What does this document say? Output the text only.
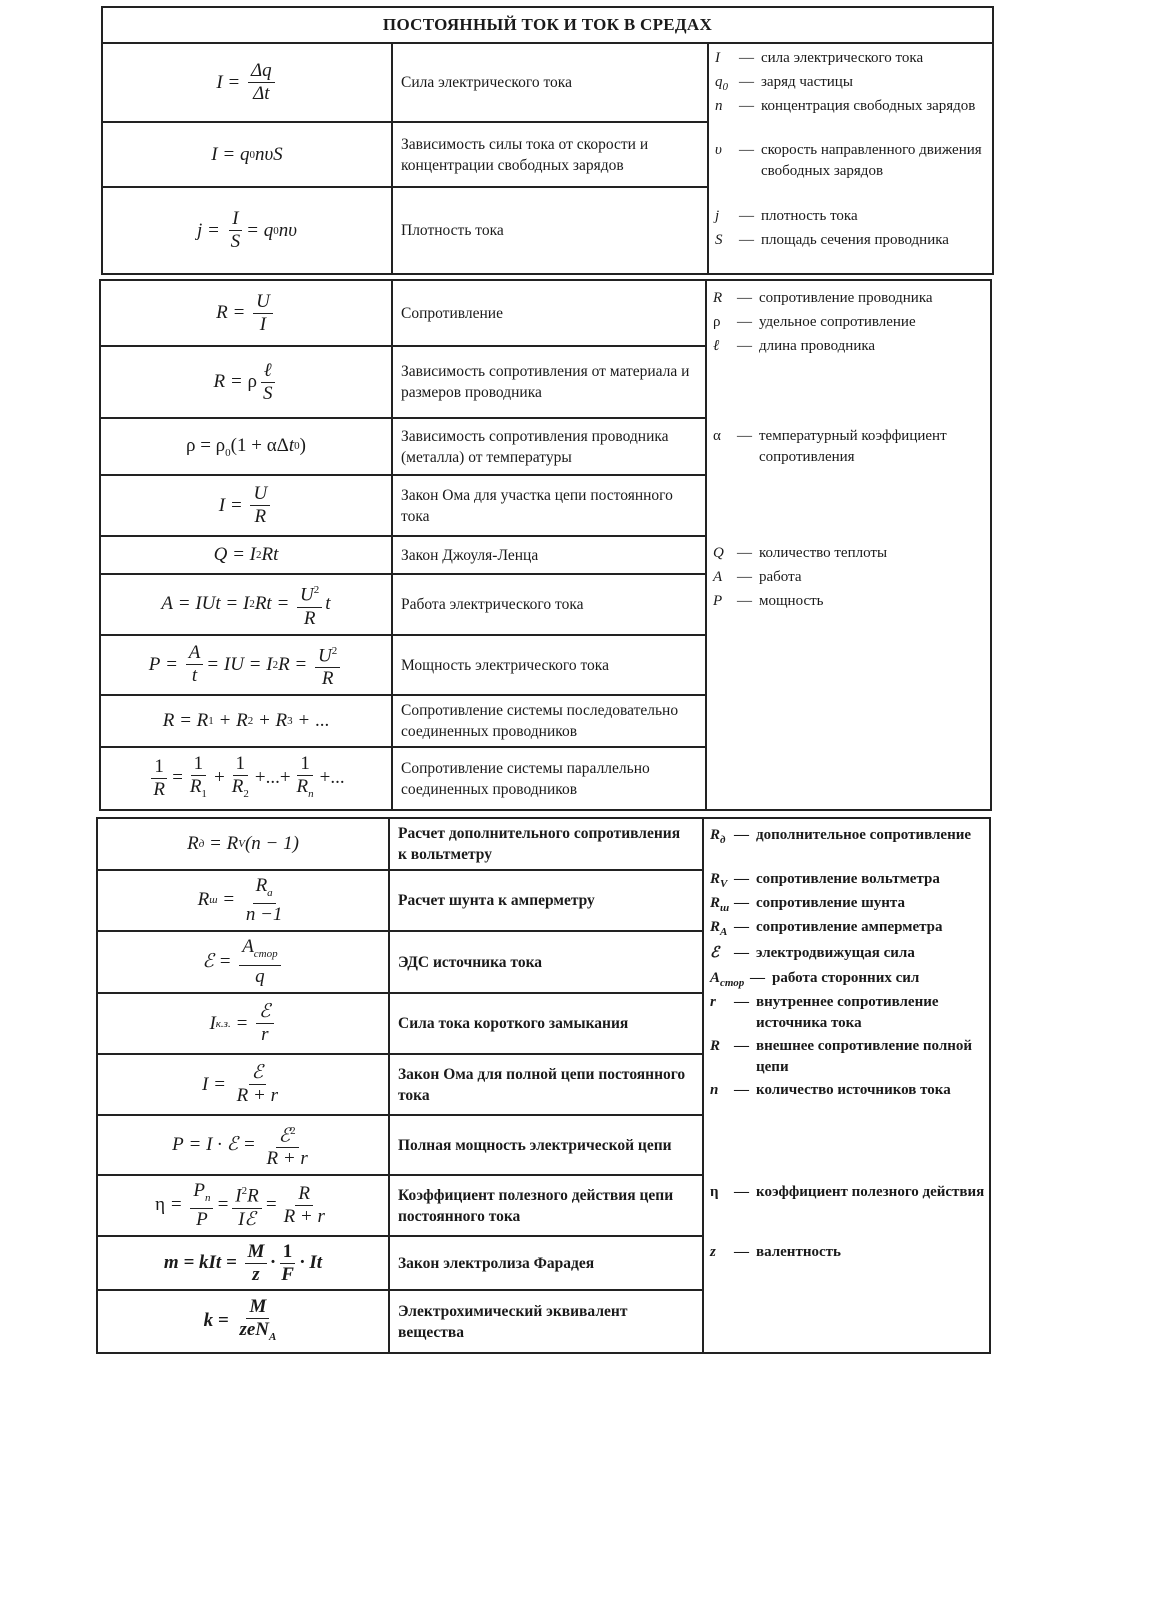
ПОСТОЯННЫЙ ТОК И ТОК В СРЕДАХ
$I = \frac{\Delta q}{\Delta t}$	Сила электрического тока
I = q 0 nυS	Зависимость силы тока от скорости и концентрации свободных зарядов
$j = \frac{I}{S} = q$ 0 nυ	Плотность тока
I	— сила электрического тока
$q_0$ — заряд частицы
n	— концентрация свободных зарядов
υ	— скорость направленного движения свободных зарядов
j	— плотность тока
S	— площадь сечения проводника
$R = \frac{U}{I}$	Сопротивление
R = ρ $\frac{\text{ℓ}}{S}$	Зависимость сопротивления от материала и размеров проводника
$\rho = \rho_0(1 + \alpha\Delta$ t 0 )	Зависимость сопротивления проводника (металла) от температуры
$I = \frac{U}{R}$	Закон Ома для участка цепи постоянного тока
Q = I 2 Rt	Закон Джоуля-Ленца
A = IUt = I 2 $Rt = \frac{U^2}{R}$ t	Работа электрического тока
$P = \frac{A}{t}$ = IU = I 2 $R = \frac{U^2}{R}$	Мощность электрического тока
R = R 1 + R 2 + R 3 + ...	Сопротивление системы последовательно соединенных проводников
$\frac{1}{R} = \frac{1}{R_1} + \frac{1}{R_2}$ +...+ $\frac{1}{R_n}$ +...	Сопротивление системы параллельно соединенных проводников
R — сопротивление проводника
ρ	— удельное сопротивление
ℓ	— длина проводника
α	— температурный коэффициент сопротивления
Q — количество теплоты
A — работа
P — мощность
R д = R V (n − 1)	Расчет дополнительного сопротивления к вольтметру
R $ш = \frac{R_a}{n -1}$	Расчет шунта к амперметру
ℰ = $\frac{A_{стор}}{q}$	ЭДС источника тока
I к.з. = $\frac{\text{ℰ}}{r}$	Сила тока короткого замыкания
$I = \frac{\text{ℰ}}{R + r}$	Закон Ома для полной цепи постоянного тока
P = I · ℰ = $\frac{ℰ^2}{R + r}$	Полная мощность электрической цепи
$\eta = \frac{P_п}{P} = \frac{I^2R}{\text{Iℰ}} = \frac{R}{R + r}$	Коэффициент полезного действия цепи постоянного тока
m = kIt = $\frac{M}{z} \cdot \frac{1}{F} \cdot It$	Закон электролиза Фарадея
$k = \frac{M}{zeN_A}$	Электрохимический эквивалент вещества
$R_д$ — дополнительное сопротивление
$R_V$ — сопротивление вольтметра
$R_ш$ — сопротивление шунта
$R_A$ — сопротивление амперметра
ℰ — электродвижущая сила
$A_{стор}$ — работа сторонних сил
r	— внутреннее сопротивление источника тока
R — внешнее сопротивление полной цепи
n	— количество источников тока
η	— коэффициент полезного действия
z	— валентность
